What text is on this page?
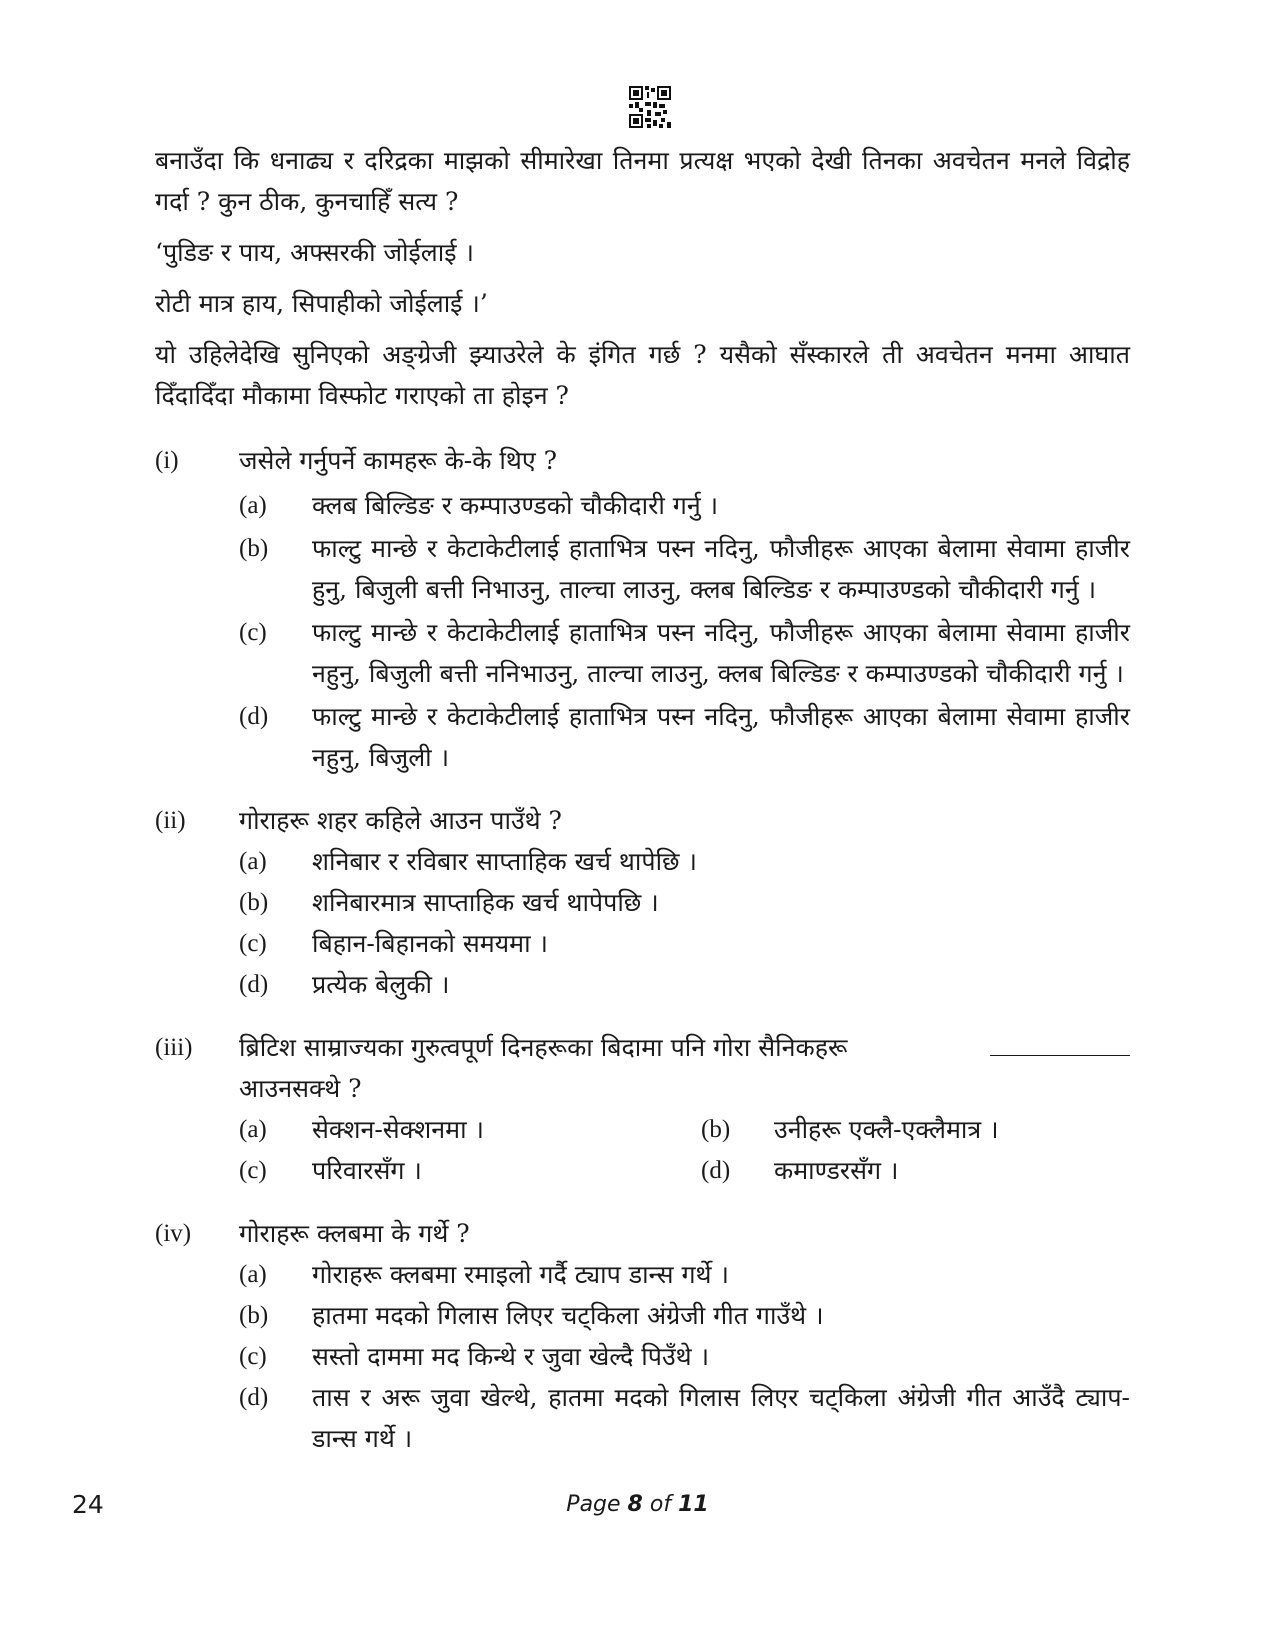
बनाउँदा कि धनाढ्य र दरिद्रका माझको सीमारेखा तिनमा प्रत्यक्ष भएको देखी तिनका अवचेतन मनले विद्रोह गर्दा ? कुन ठीक, कुनचाहिँ सत्य ?

‘पुडिङ र पाय, अफ्सरकी जोईलाई ।

रोटी मात्र हाय, सिपाहीको जोईलाई ।’

यो उहिलेदेखि सुनिएको अङ्ग्रेजी झ्याउरेले के इंगित गर्छ ? यसैको सँस्कारले ती अवचेतन मनमा आघात दिँदादिँदा मौकामा विस्फोट गराएको ता होइन ?

(i)	जसेले गर्नुपर्ने कामहरू के-के थिए ?
(a)	क्लब बिल्डिङ र कम्पाउण्डको चौकीदारी गर्नु ।
(b)	फाल्टु मान्छे र केटाकेटीलाई हाताभित्र पस्न नदिनु, फौजीहरू आएका बेलामा सेवामा हाजीर हुनु, बिजुली बत्ती निभाउनु, ताल्चा लाउनु, क्लब बिल्डिङ र कम्पाउण्डको चौकीदारी गर्नु ।
(c)	फाल्टु मान्छे र केटाकेटीलाई हाताभित्र पस्न नदिनु, फौजीहरू आएका बेलामा सेवामा हाजीर नहुनु, बिजुली बत्ती ननिभाउनु, ताल्चा लाउनु, क्लब बिल्डिङ र कम्पाउण्डको चौकीदारी गर्नु ।
(d)	फाल्टु मान्छे र केटाकेटीलाई हाताभित्र पस्न नदिनु, फौजीहरू आएका बेलामा सेवामा हाजीर नहुनु, बिजुली ।
(ii)	गोराहरू शहर कहिले आउन पाउँथे ?
(a)	शनिबार र रविबार साप्ताहिक खर्च थापेछि ।
(b)	शनिबारमात्र साप्ताहिक खर्च थापेपछि ।
(c)	बिहान-बिहानको समयमा ।
(d)	प्रत्येक बेलुकी ।
(iii)	ब्रिटिश साम्राज्यका गुरुत्वपूर्ण दिनहरूका बिदामा पनि गोरा सैनिकहरू
आउनसक्थे ?
(a)	सेक्शन-सेक्शनमा ।	(b)	उनीहरू एक्लै-एक्लैमात्र ।
(c)	परिवारसँग ।	(d)	कमाण्डरसँग ।
(iv)	गोराहरू क्लबमा के गर्थे ?
(a)	गोराहरू क्लबमा रमाइलो गर्दै ट्याप डान्स गर्थे ।
(b)	हातमा मदको गिलास लिएर चट्किला अंग्रेजी गीत गाउँथे ।
(c)	सस्तो दाममा मद किन्थे र जुवा खेल्दै पिउँथे ।
(d)	तास र अरू जुवा खेल्थे, हातमा मदको गिलास लिएर चट्किला अंग्रेजी गीत आउँदै ट्याप-डान्स गर्थे ।
24	Page 8 of 11
